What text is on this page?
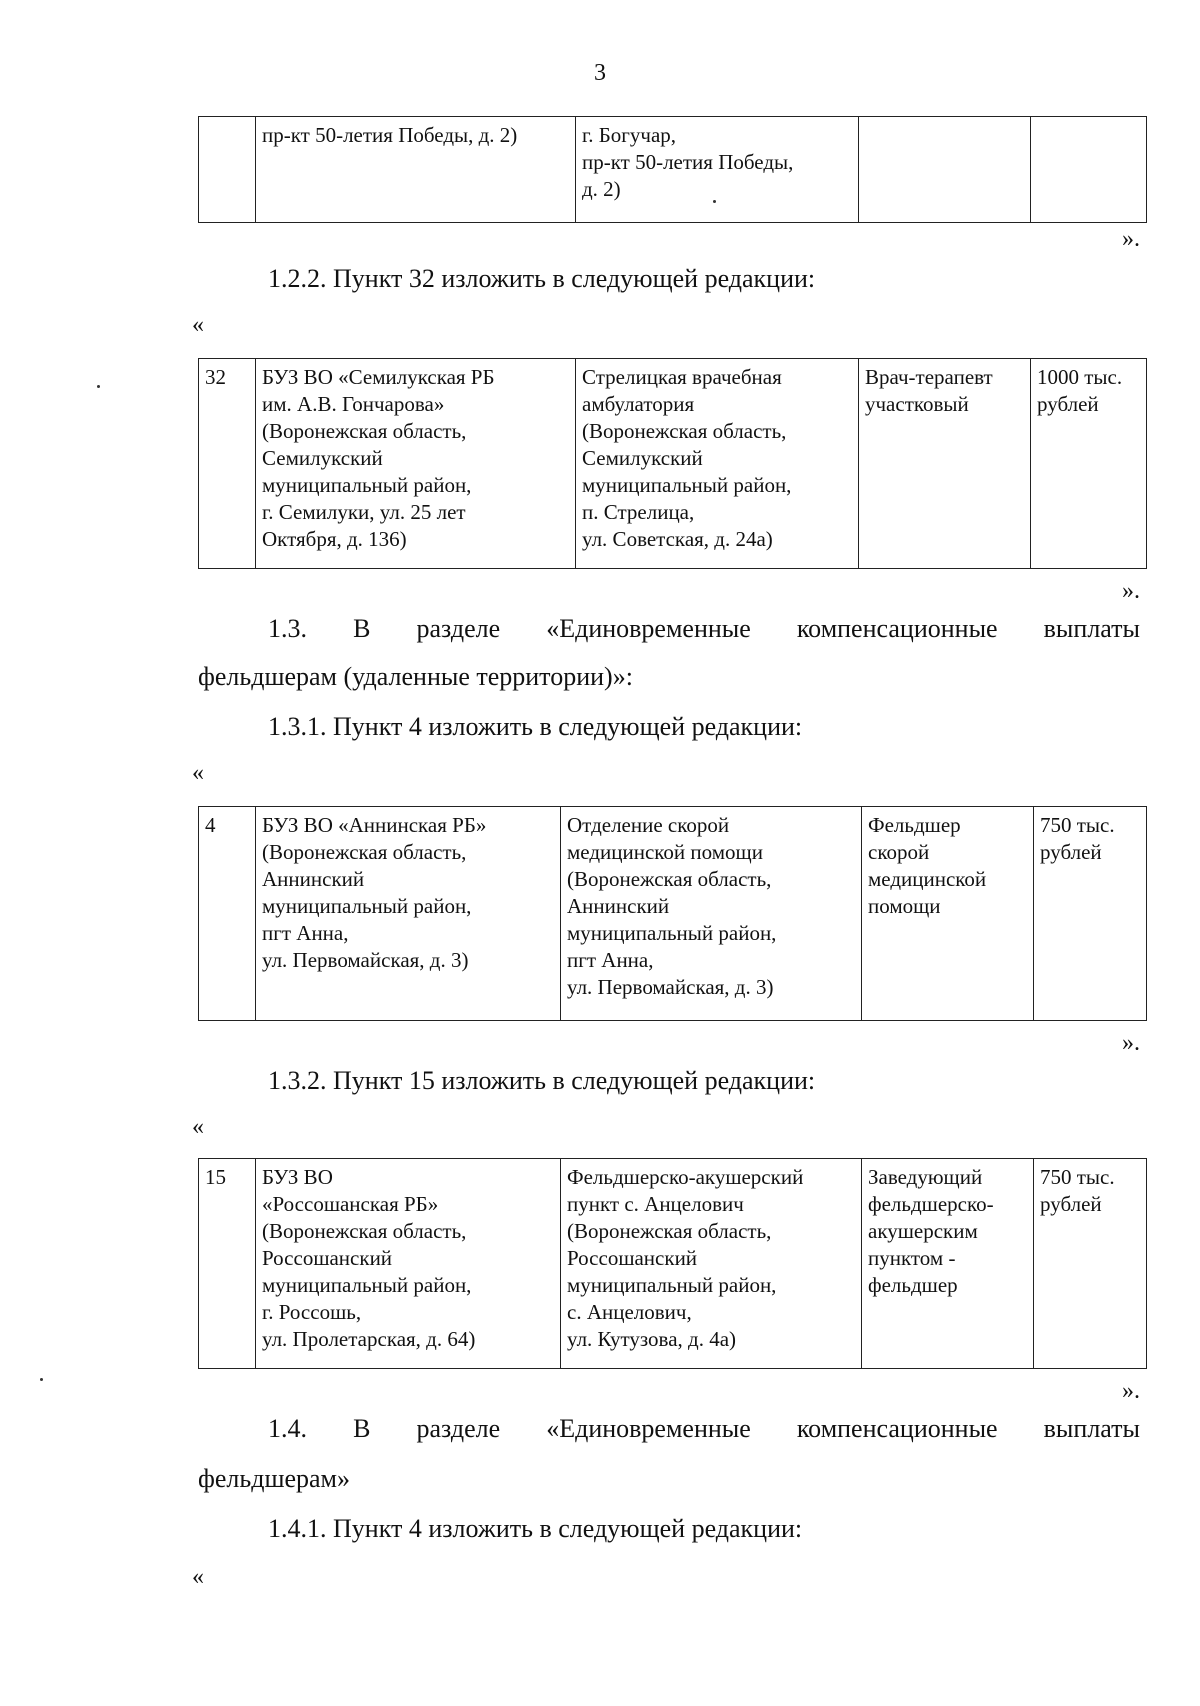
3
	пр-кт 50-летия Победы, д. 2)	г. Богучар,
пр-кт 50-летия Победы,
д. 2)		
».
1.2.2. Пункт 32 изложить в следующей редакции:
«
32	БУЗ ВО «Семилукская РБ
им. А.В. Гончарова»
(Воронежская область,
Семилукский
муниципальный район,
г. Семилуки, ул. 25 лет
Октября, д. 136)	Стрелицкая врачебная
амбулатория
(Воронежская область,
Семилукский
муниципальный район,
п. Стрелица,
ул. Советская, д. 24а)	Врач-терапевт
участковый	1000 тыс.
рублей
».
1.3. В разделе «Единовременные компенсационные выплаты
фельдшерам (удаленные территории)»:
1.3.1. Пункт 4 изложить в следующей редакции:
«
4	БУЗ ВО «Аннинская РБ»
(Воронежская область,
Аннинский
муниципальный район,
пгт Анна,
ул. Первомайская, д. 3)	Отделение скорой
медицинской помощи
(Воронежская область,
Аннинский
муниципальный район,
пгт Анна,
ул. Первомайская, д. 3)	Фельдшер
скорой
медицинской
помощи	750 тыс.
рублей
».
1.3.2. Пункт 15 изложить в следующей редакции:
«
15	БУЗ ВО
«Россошанская РБ»
(Воронежская область,
Россошанский
муниципальный район,
г. Россошь,
ул. Пролетарская, д. 64)	Фельдшерско-акушерский
пункт с. Анцелович
(Воронежская область,
Россошанский
муниципальный район,
с. Анцелович,
ул. Кутузова, д. 4а)	Заведующий
фельдшерско-
акушерским
пунктом -
фельдшер	750 тыс.
рублей
».
1.4. В разделе «Единовременные компенсационные выплаты
фельдшерам»
1.4.1. Пункт 4 изложить в следующей редакции:
«
